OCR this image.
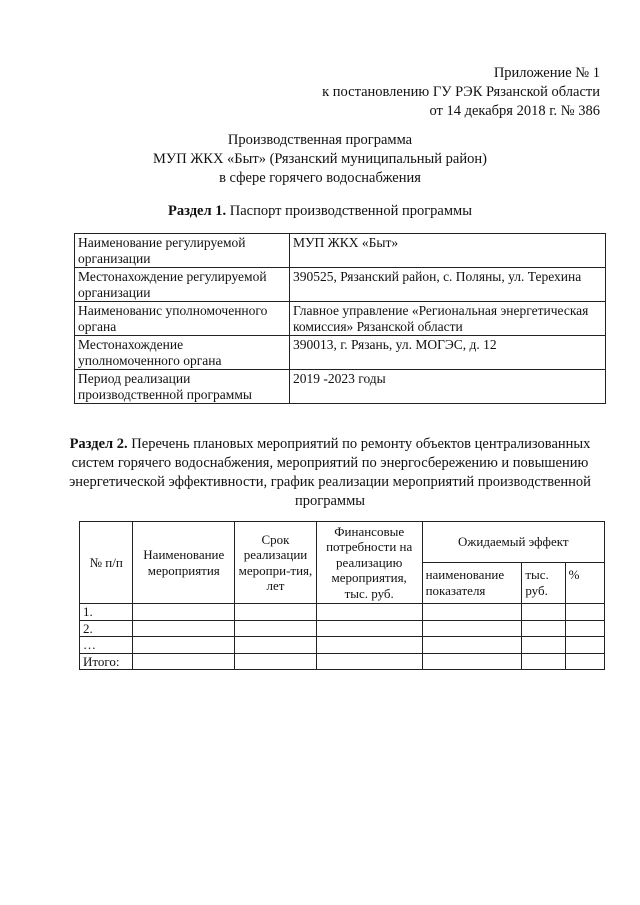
Приложение № 1
к постановлению ГУ РЭК Рязанской области
от 14 декабря 2018 г. № 386
Производственная программа
МУП ЖКХ «Быт» (Рязанский муниципальный район)
в сфере горячего водоснабжения
Раздел 1. Паспорт производственной программы
Наименование регулируемой организации	МУП ЖКХ «Быт»
Местонахождение регулируемой организации	390525, Рязанский район, с. Поляны, ул. Терехина
Наименованис уполномоченного органа	Главное управление «Региональная энергетическая комиссия» Рязанской области
Местонахождение уполномоченного органа	390013, г. Рязань, ул. МОГЭС, д. 12
Период реализации производственной программы	2019 -2023 годы
Раздел 2. Перечень плановых мероприятий по ремонту объектов централизованных систем горячего водоснабжения, мероприятий по энергосбережению и повышению энергетической эффективности, график реализации мероприятий производственной программы
№ п/п	Наименование мероприятия	Срок реализации меропри-тия, лет	Финансовые потребности на реализацию мероприятия, тыс. руб.	Ожидаемый эффект		
				наименование показателя	тыс. руб.	%
1.						
2.						
…						
Итого:						
